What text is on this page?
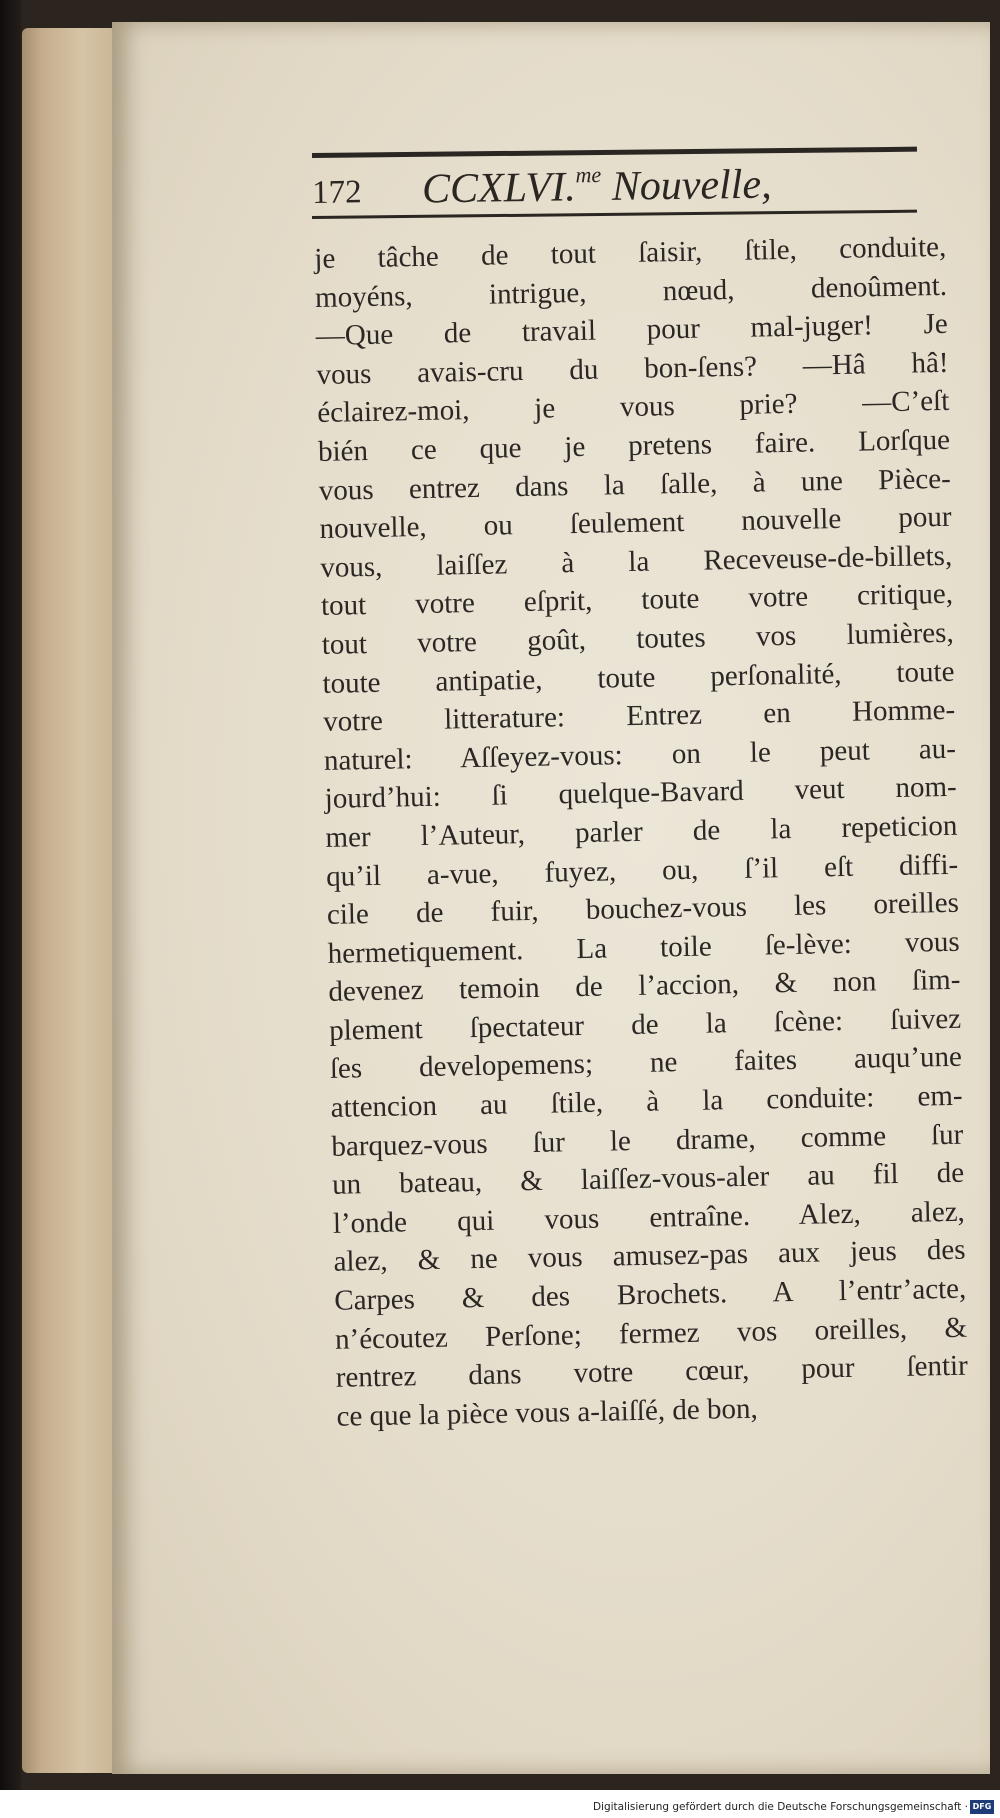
172 CCXLVI.$^{me}$ Nouvelle,
je tâche de tout ſaisir, ſtile, conduite,
moyéns, intrigue, nœud, denoûment.
—Que de travail pour mal-juger! Je
vous avais-cru du bon-ſens? —Hâ hâ!
éclairez-moi, je vous prie? —C’eſt
bién ce que je pretens faire. Lorſque
vous entrez dans la ſalle, à une Pièce-
nouvelle, ou ſeulement nouvelle pour
vous, laiſſez à la Receveuse-de-billets,
tout votre eſprit, toute votre critique,
tout votre goût, toutes vos lumières,
toute antipatie, toute perſonalité, toute
votre litterature: Entrez en Homme-
naturel: Aſſeyez-vous: on le peut au-
jourd’hui: ſi quelque-Bavard veut nom-
mer l’Auteur, parler de la repeticion
qu’il a-vue, fuyez, ou, ſ’il eſt diffi-
cile de fuir, bouchez-vous les oreilles
hermetiquement. La toile ſe-lève: vous
devenez temoin de l’accion, & non ſim-
plement ſpectateur de la ſcène: ſuivez
ſes developemens; ne faites auqu’une
attencion au ſtile, à la conduite: em-
barquez-vous ſur le drame, comme ſur
un bateau, & laiſſez-vous-aler au fil de
l’onde qui vous entraîne. Alez, alez,
alez, & ne vous amusez-pas aux jeus des
Carpes & des Brochets. A l’entr’acte,
n’écoutez Perſone; fermez vos oreilles, &
rentrez dans votre cœur, pour ſentir
ce que la pièce vous a-laiſſé, de bon,
Digitalisierung gefördert durch die Deutsche Forschungsgemeinschaft · DFG
